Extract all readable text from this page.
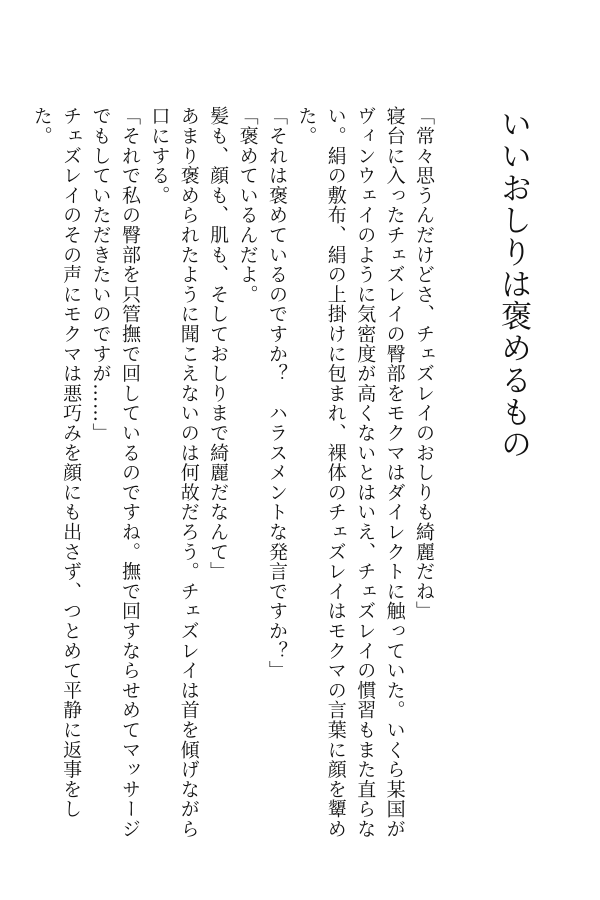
いいおしりは褒めるもの

「常々思うんだけどさ、チェズレイのおしりも綺麗だね」

寝台に入ったチェズレイの臀部をモクマはダイレクトに触っていた。いくら某国がヴィンウェイのように気密度が高くないとはいえ、チェズレイの慣習もまた直らない。絹の敷布、絹の上掛けに包まれ、裸体のチェズレイはモクマの言葉に顔を顰めた。

「それは褒めているのですか？　ハラスメントな発言ですか？」

「褒めているんだよ。

髪も、顔も、肌も、そしておしりまで綺麗だなんて」

あまり褒められたように聞こえないのは何故だろう。チェズレイは首を傾げながら口にする。

「それで私の臀部を只管撫で回しているのですね。撫で回すならせめてマッサージでもしていただきたいのですが……」

チェズレイのその声にモクマは悪巧みを顔にも出さず、つとめて平静に返事をした。
